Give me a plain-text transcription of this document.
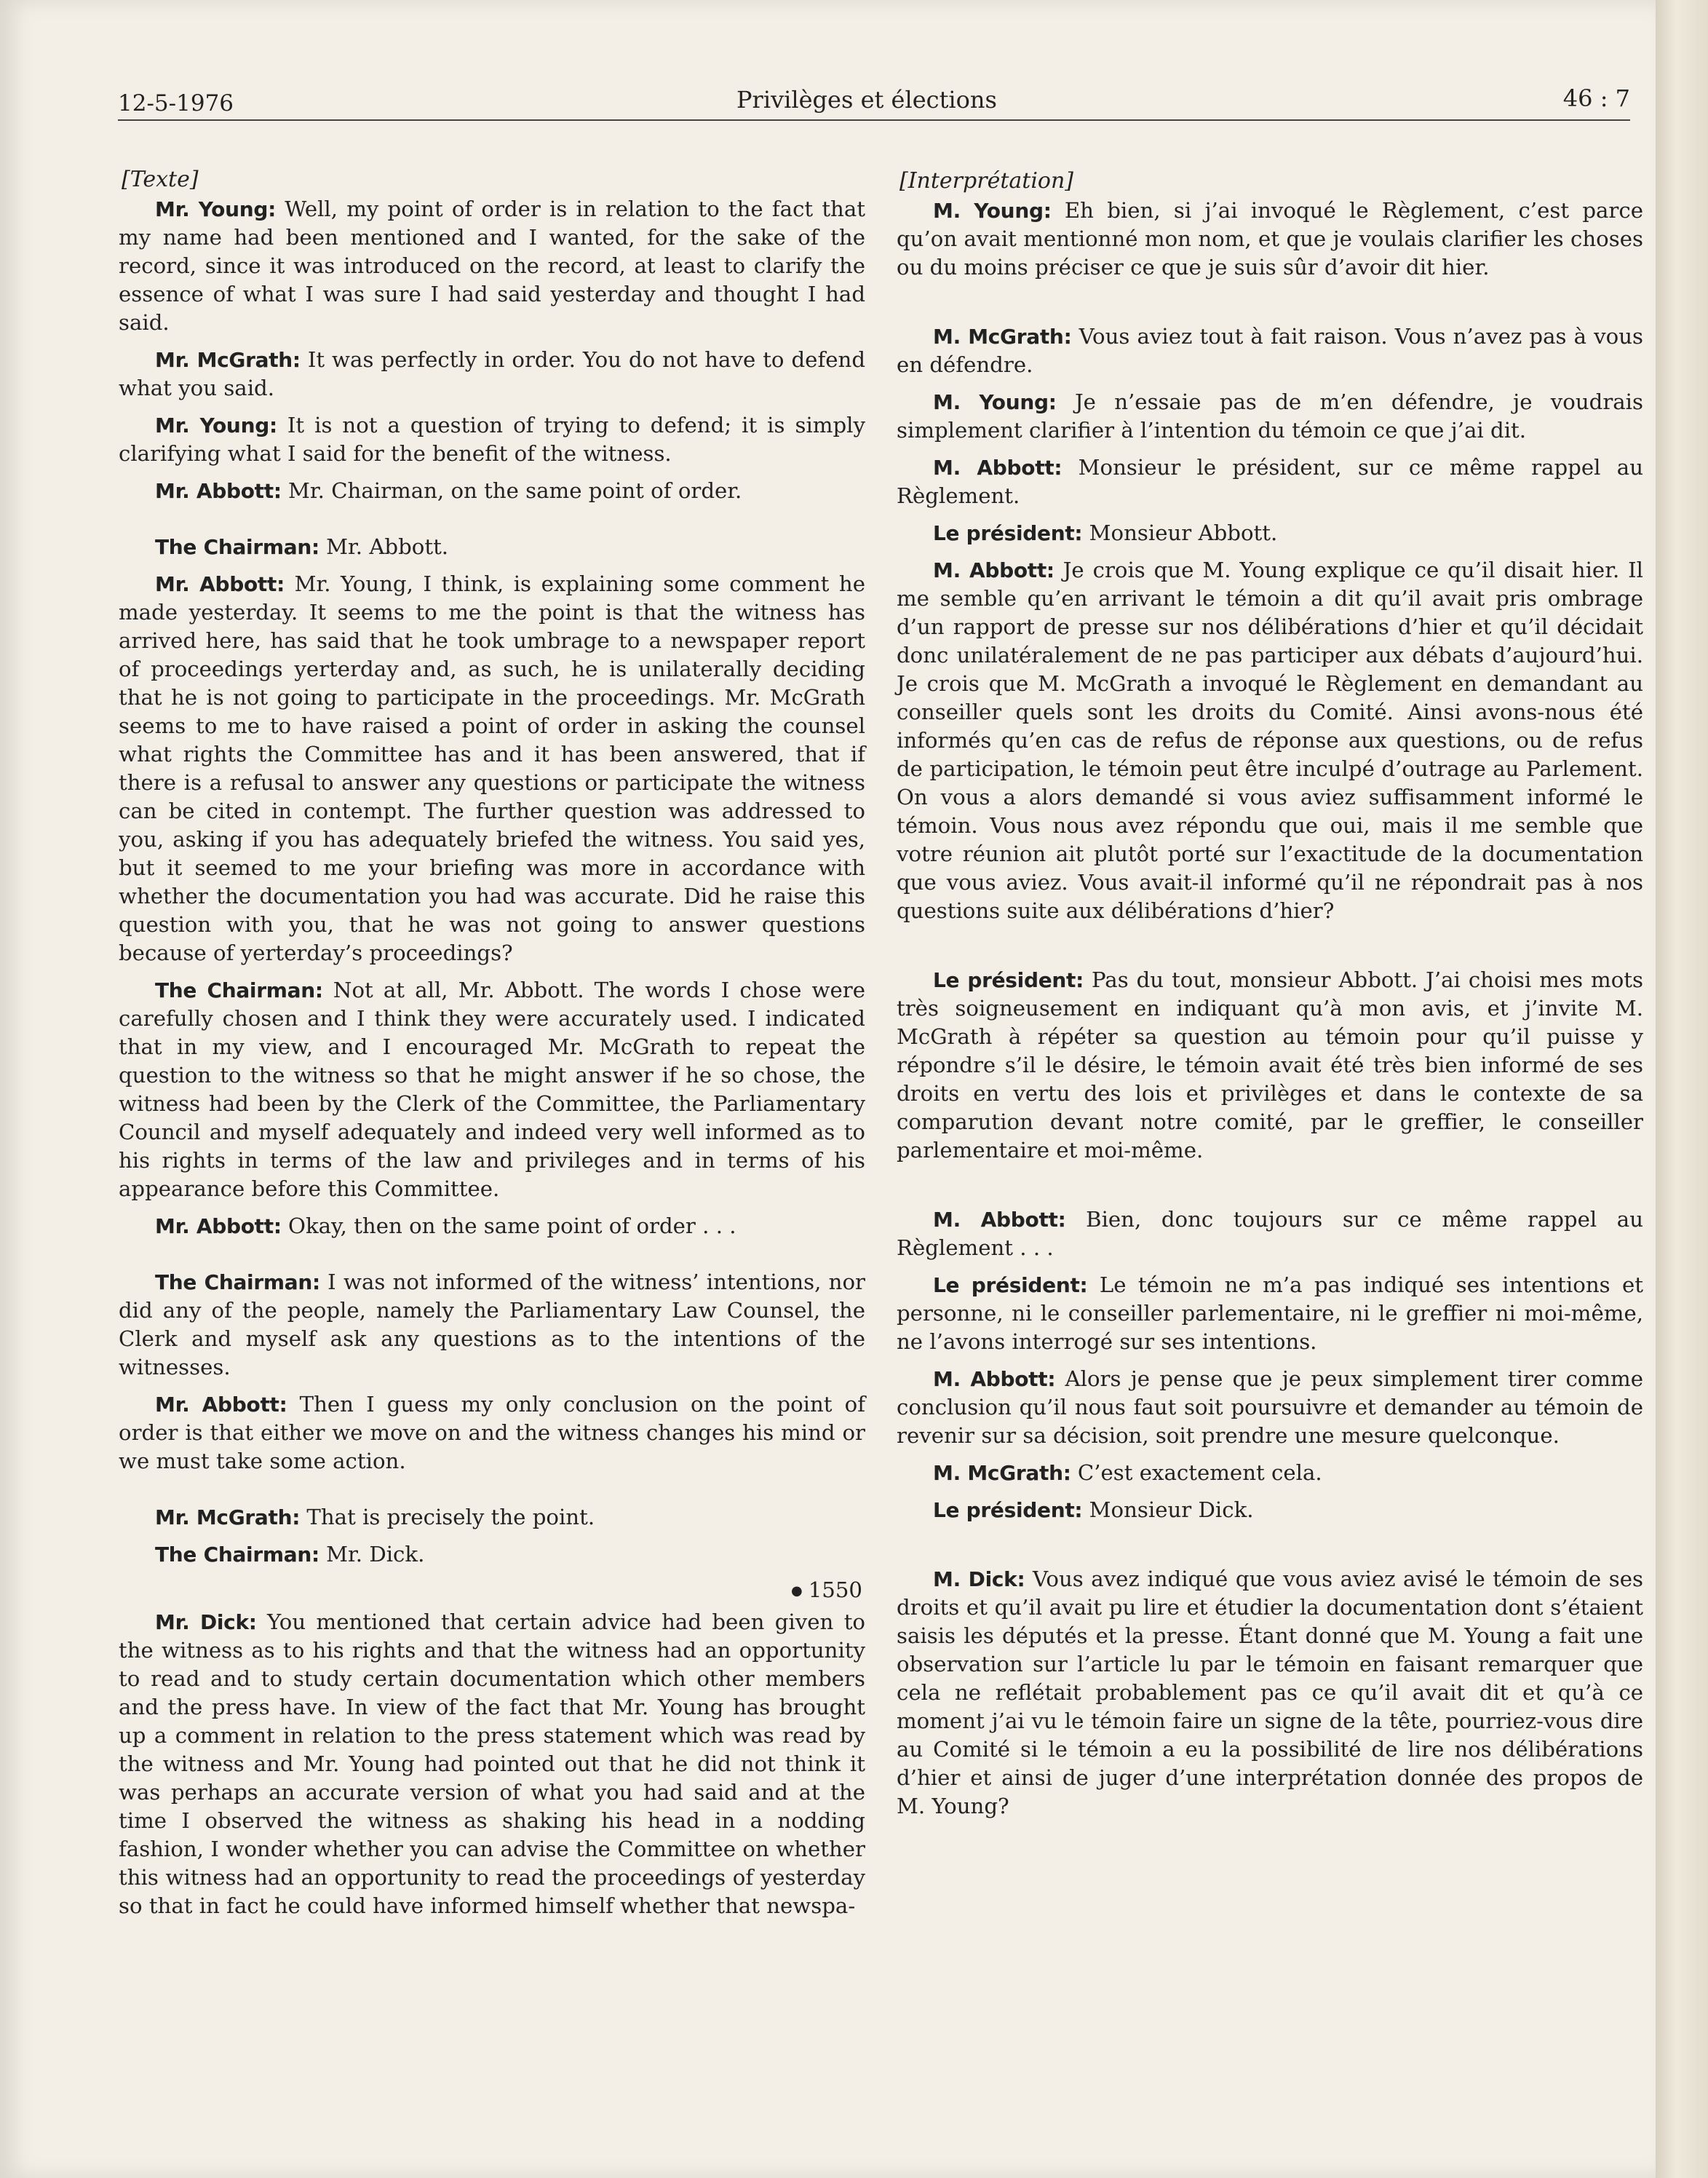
12-5-1976	Privilèges et élections	46 : 7
[Texte]

Mr. Young: Well, my point of order is in relation to the fact that my name had been mentioned and I wanted, for the sake of the record, since it was introduced on the record, at least to clarify the essence of what I was sure I had said yesterday and thought I had said.

Mr. McGrath: It was perfectly in order. You do not have to defend what you said.

Mr. Young: It is not a question of trying to defend; it is simply clarifying what I said for the benefit of the witness.

Mr. Abbott: Mr. Chairman, on the same point of order.

The Chairman: Mr. Abbott.

Mr. Abbott: Mr. Young, I think, is explaining some comment he made yesterday. It seems to me the point is that the witness has arrived here, has said that he took umbrage to a newspaper report of proceedings yerterday and, as such, he is unilaterally deciding that he is not going to participate in the proceedings. Mr. McGrath seems to me to have raised a point of order in asking the counsel what rights the Committee has and it has been answered, that if there is a refusal to answer any questions or participate the witness can be cited in contempt. The further question was addressed to you, asking if you has adequately briefed the witness. You said yes, but it seemed to me your briefing was more in accordance with whether the documentation you had was accurate. Did he raise this question with you, that he was not going to answer questions because of yerterday’s proceedings?

The Chairman: Not at all, Mr. Abbott. The words I chose were carefully chosen and I think they were accurately used. I indicated that in my view, and I encouraged Mr. McGrath to repeat the question to the witness so that he might answer if he so chose, the witness had been by the Clerk of the Committee, the Parliamentary Council and myself adequately and indeed very well informed as to his rights in terms of the law and privileges and in terms of his appearance before this Committee.

Mr. Abbott: Okay, then on the same point of order . . .

The Chairman: I was not informed of the witness’ intentions, nor did any of the people, namely the Parliamentary Law Counsel, the Clerk and myself ask any questions as to the intentions of the witnesses.

Mr. Abbott: Then I guess my only conclusion on the point of order is that either we move on and the witness changes his mind or we must take some action.

Mr. McGrath: That is precisely the point.

The Chairman: Mr. Dick.

● 1550

Mr. Dick: You mentioned that certain advice had been given to the witness as to his rights and that the witness had an opportunity to read and to study certain documentation which other members and the press have. In view of the fact that Mr. Young has brought up a comment in relation to the press statement which was read by the witness and Mr. Young had pointed out that he did not think it was perhaps an accurate version of what you had said and at the time I observed the witness as shaking his head in a nodding fashion, I wonder whether you can advise the Committee on whether this witness had an opportunity to read the proceedings of yesterday so that in fact he could have informed himself whether that newspa-

[Interprétation]

M. Young: Eh bien, si j’ai invoqué le Règlement, c’est parce qu’on avait mentionné mon nom, et que je voulais clarifier les choses ou du moins préciser ce que je suis sûr d’avoir dit hier.

M. McGrath: Vous aviez tout à fait raison. Vous n’avez pas à vous en défendre.

M. Young: Je n’essaie pas de m’en défendre, je voudrais simplement clarifier à l’intention du témoin ce que j’ai dit.

M. Abbott: Monsieur le président, sur ce même rappel au Règlement.

Le président: Monsieur Abbott.

M. Abbott: Je crois que M. Young explique ce qu’il disait hier. Il me semble qu’en arrivant le témoin a dit qu’il avait pris ombrage d’un rapport de presse sur nos délibérations d’hier et qu’il décidait donc unilatéralement de ne pas participer aux débats d’aujourd’hui. Je crois que M. McGrath a invoqué le Règlement en demandant au conseiller quels sont les droits du Comité. Ainsi avons-nous été informés qu’en cas de refus de réponse aux questions, ou de refus de participation, le témoin peut être inculpé d’outrage au Parlement. On vous a alors demandé si vous aviez suffisamment informé le témoin. Vous nous avez répondu que oui, mais il me semble que votre réunion ait plutôt porté sur l’exactitude de la documentation que vous aviez. Vous avait-il informé qu’il ne répondrait pas à nos questions suite aux délibérations d’hier?

Le président: Pas du tout, monsieur Abbott. J’ai choisi mes mots très soigneusement en indiquant qu’à mon avis, et j’invite M. McGrath à répéter sa question au témoin pour qu’il puisse y répondre s’il le désire, le témoin avait été très bien informé de ses droits en vertu des lois et privilèges et dans le contexte de sa comparution devant notre comité, par le greffier, le conseiller parlementaire et moi-même.

M. Abbott: Bien, donc toujours sur ce même rappel au Règlement . . .

Le président: Le témoin ne m’a pas indiqué ses intentions et personne, ni le conseiller parlementaire, ni le greffier ni moi-même, ne l’avons interrogé sur ses intentions.

M. Abbott: Alors je pense que je peux simplement tirer comme conclusion qu’il nous faut soit poursuivre et demander au témoin de revenir sur sa décision, soit prendre une mesure quelconque.

M. McGrath: C’est exactement cela.

Le président: Monsieur Dick.

M. Dick: Vous avez indiqué que vous aviez avisé le témoin de ses droits et qu’il avait pu lire et étudier la documentation dont s’étaient saisis les députés et la presse. Étant donné que M. Young a fait une observation sur l’article lu par le témoin en faisant remarquer que cela ne reflétait probablement pas ce qu’il avait dit et qu’à ce moment j’ai vu le témoin faire un signe de la tête, pourriez-vous dire au Comité si le témoin a eu la possibilité de lire nos délibérations d’hier et ainsi de juger d’une interprétation donnée des propos de M. Young?
